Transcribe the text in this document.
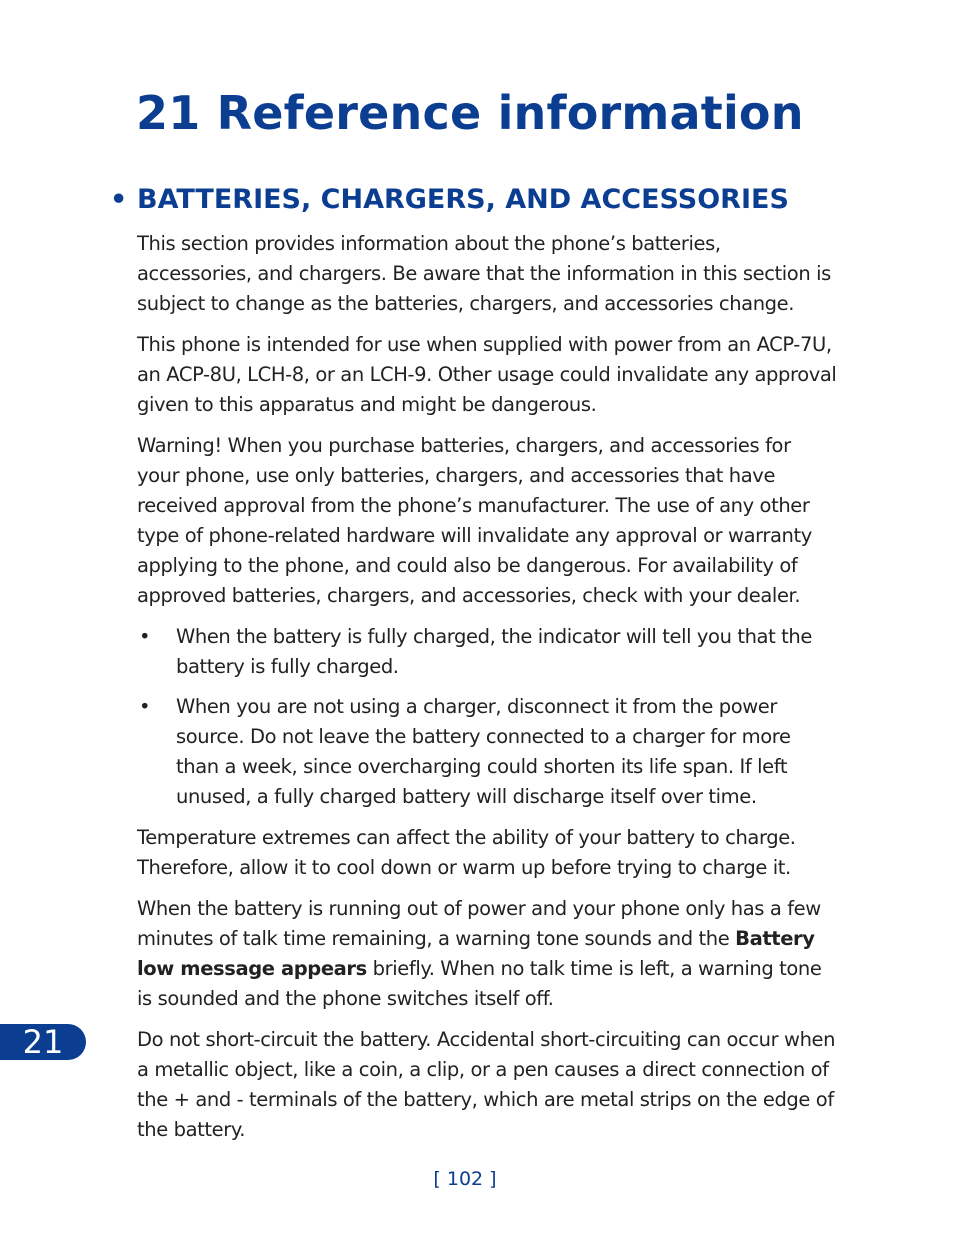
21 Reference information
• BATTERIES, CHARGERS, AND ACCESSORIES

This section provides information about the phone’s batteries, accessories, and chargers. Be aware that the information in this section is subject to change as the batteries, chargers, and accessories change.

This phone is intended for use when supplied with power from an ACP-7U, an ACP-8U, LCH-8, or an LCH-9. Other usage could invalidate any approval given to this apparatus and might be dangerous.

Warning! When you purchase batteries, chargers, and accessories for your phone, use only batteries, chargers, and accessories that have received approval from the phone’s manufacturer. The use of any other type of phone-related hardware will invalidate any approval or warranty applying to the phone, and could also be dangerous. For availability of approved batteries, chargers, and accessories, check with your dealer.

• When the battery is fully charged, the indicator will tell you that the battery is fully charged.
• When you are not using a charger, disconnect it from the power source. Do not leave the battery connected to a charger for more than a week, since overcharging could shorten its life span. If left unused, a fully charged battery will discharge itself over time.

Temperature extremes can affect the ability of your battery to charge. Therefore, allow it to cool down or warm up before trying to charge it.

When the battery is running out of power and your phone only has a few minutes of talk time remaining, a warning tone sounds and the Battery low message appears briefly. When no talk time is left, a warning tone is sounded and the phone switches itself off.

Do not short-circuit the battery. Accidental short-circuiting can occur when a metallic object, like a coin, a clip, or a pen causes a direct connection of the + and - terminals of the battery, which are metal strips on the edge of the battery.

21
[ 102 ]
